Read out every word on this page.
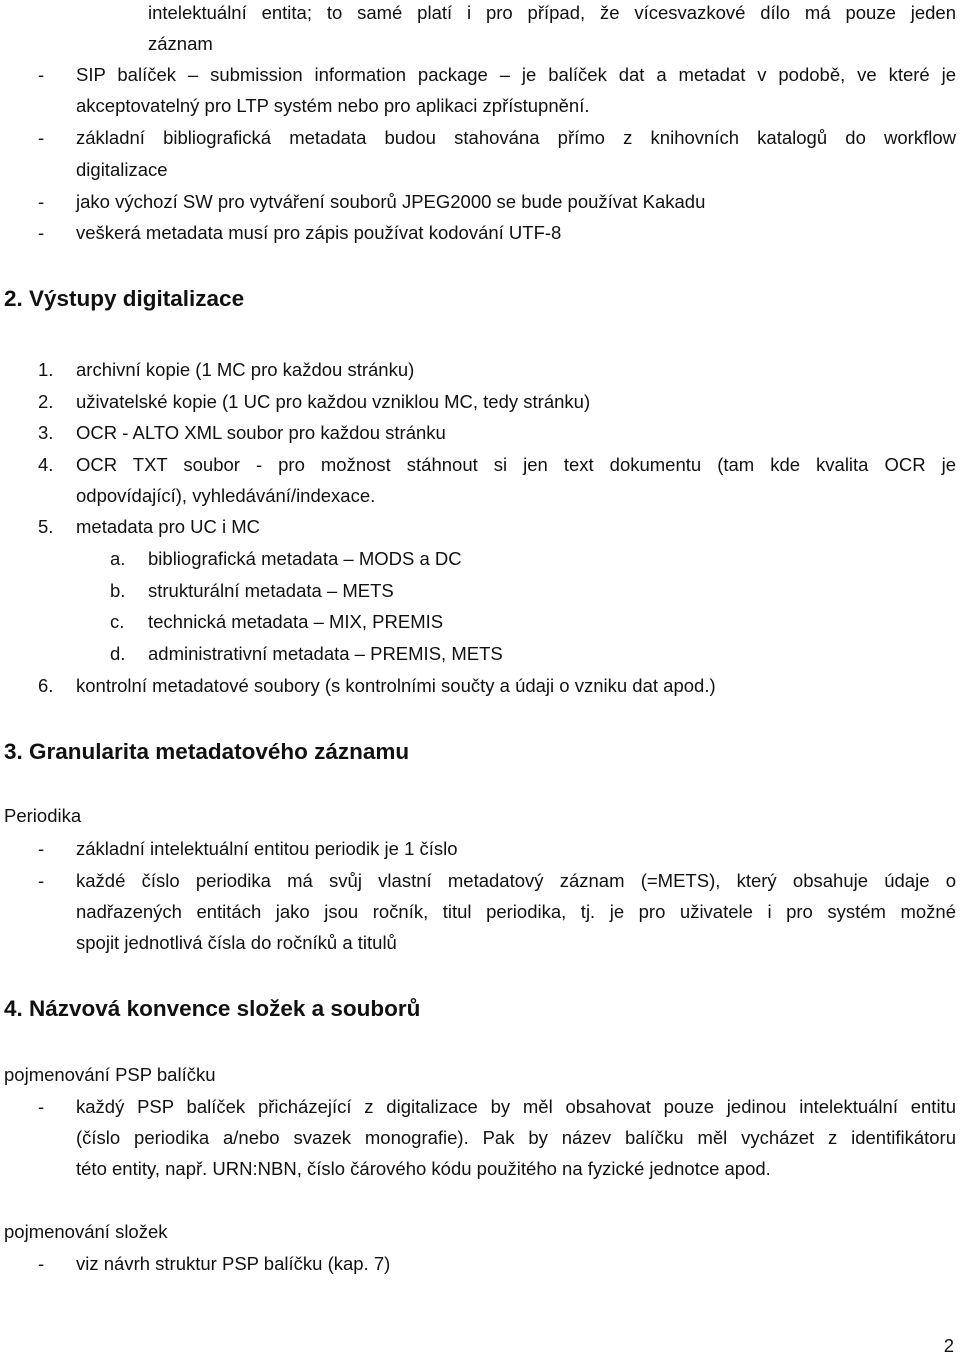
intelektuální entita; to samé platí i pro případ, že vícesvazkové dílo má pouze jeden
záznam
- SIP balíček – submission information package – je balíček dat a metadat v podobě, ve které je
akceptovatelný pro LTP systém nebo pro aplikaci zpřístupnění.
- základní bibliografická metadata budou stahována přímo z knihovních katalogů do workflow
digitalizace
- jako výchozí SW pro vytváření souborů JPEG2000 se bude používat Kakadu
- veškerá metadata musí pro zápis používat kodování UTF-8
2. Výstupy digitalizace
1. archivní kopie (1 MC pro každou stránku)
2. uživatelské kopie (1 UC pro každou vzniklou MC, tedy stránku)
3. OCR - ALTO XML soubor pro každou stránku
4. OCR TXT soubor - pro možnost stáhnout si jen text dokumentu (tam kde kvalita OCR je
odpovídající), vyhledávání/indexace.
5. metadata pro UC i MC
a. bibliografická metadata – MODS a DC
b. strukturální metadata – METS
c. technická metadata – MIX, PREMIS
d. administrativní metadata – PREMIS, METS
6. kontrolní metadatové soubory (s kontrolními součty a údaji o vzniku dat apod.)
3. Granularita metadatového záznamu
Periodika
- základní intelektuální entitou periodik je 1 číslo
- každé číslo periodika má svůj vlastní metadatový záznam (=METS), který obsahuje údaje o
nadřazených entitách jako jsou ročník, titul periodika, tj. je pro uživatele i pro systém možné
spojit jednotlivá čísla do ročníků a titulů
4. Názvová konvence složek a souborů
pojmenování PSP balíčku
- každý PSP balíček přicházející z digitalizace by měl obsahovat pouze jedinou intelektuální entitu
(číslo periodika a/nebo svazek monografie). Pak by název balíčku měl vycházet z identifikátoru
této entity, např. URN:NBN, číslo čárového kódu použitého na fyzické jednotce apod.
pojmenování složek
- viz návrh struktur PSP balíčku (kap. 7)
2
